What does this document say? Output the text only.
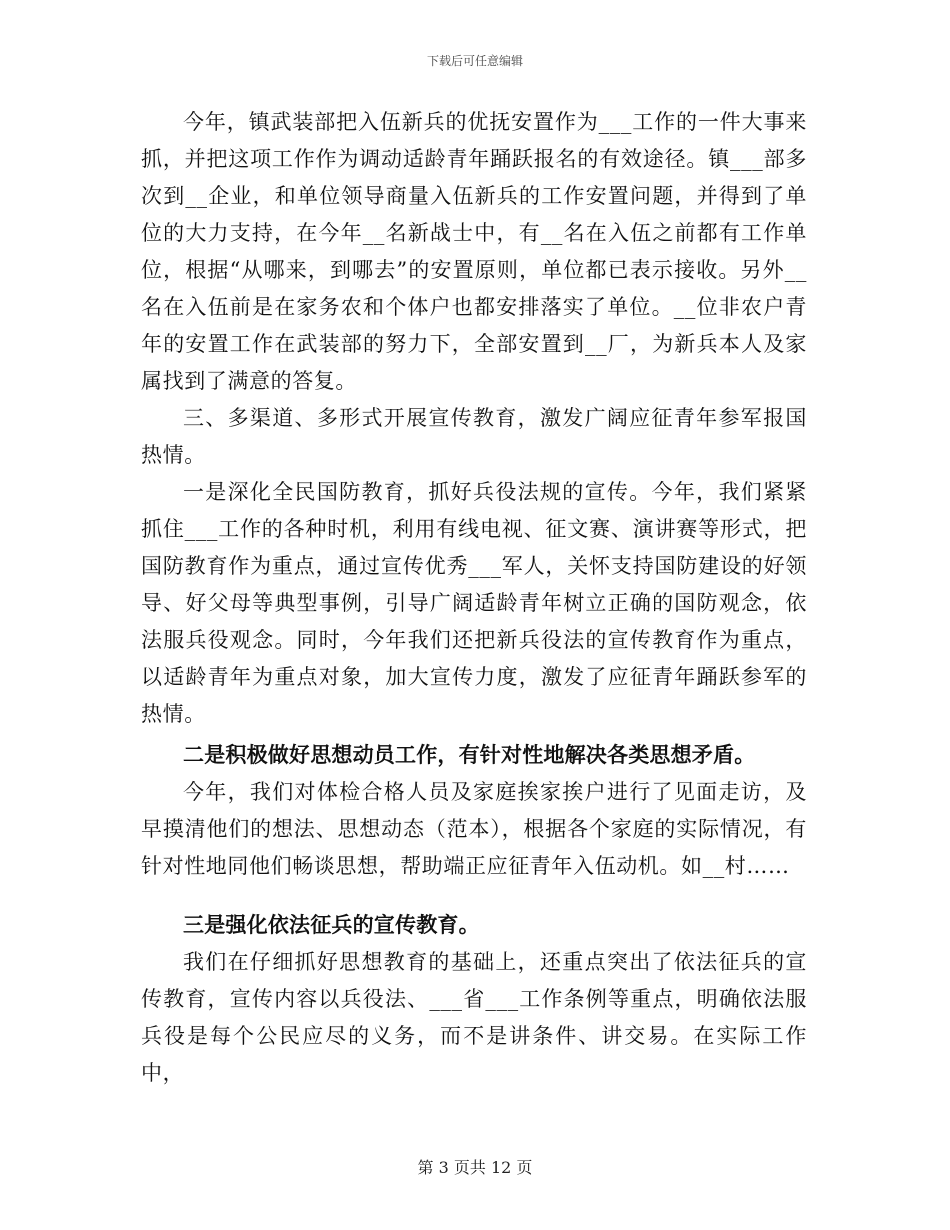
下载后可任意编辑

今年，镇武装部把入伍新兵的优抚安置作为___工作的一件大事来抓，并把这项工作作为调动适龄青年踊跃报名的有效途径。镇___部多次到__企业，和单位领导商量入伍新兵的工作安置问题，并得到了单位的大力支持，在今年__名新战士中，有__名在入伍之前都有工作单位，根据“从哪来，到哪去”的安置原则，单位都已表示接收。另外__名在入伍前是在家务农和个体户也都安排落实了单位。__位非农户青年的安置工作在武装部的努力下，全部安置到__厂，为新兵本人及家属找到了满意的答复。

三、多渠道、多形式开展宣传教育，激发广阔应征青年参军报国热情。

一是深化全民国防教育，抓好兵役法规的宣传。今年，我们紧紧抓住___工作的各种时机，利用有线电视、征文赛、演讲赛等形式，把国防教育作为重点，通过宣传优秀___军人，关怀支持国防建设的好领导、好父母等典型事例，引导广阔适龄青年树立正确的国防观念，依法服兵役观念。同时，今年我们还把新兵役法的宣传教育作为重点，以适龄青年为重点对象，加大宣传力度，激发了应征青年踊跃参军的热情。

二是积极做好思想动员工作，有针对性地解决各类思想矛盾。

今年，我们对体检合格人员及家庭挨家挨户进行了见面走访，及早摸清他们的想法、思想动态（范本），根据各个家庭的实际情况，有针对性地同他们畅谈思想，帮助端正应征青年入伍动机。如__村……

三是强化依法征兵的宣传教育。

我们在仔细抓好思想教育的基础上，还重点突出了依法征兵的宣传教育，宣传内容以兵役法、___省___工作条例等重点，明确依法服兵役是每个公民应尽的义务，而不是讲条件、讲交易。在实际工作中，

第 3 页共 12 页
